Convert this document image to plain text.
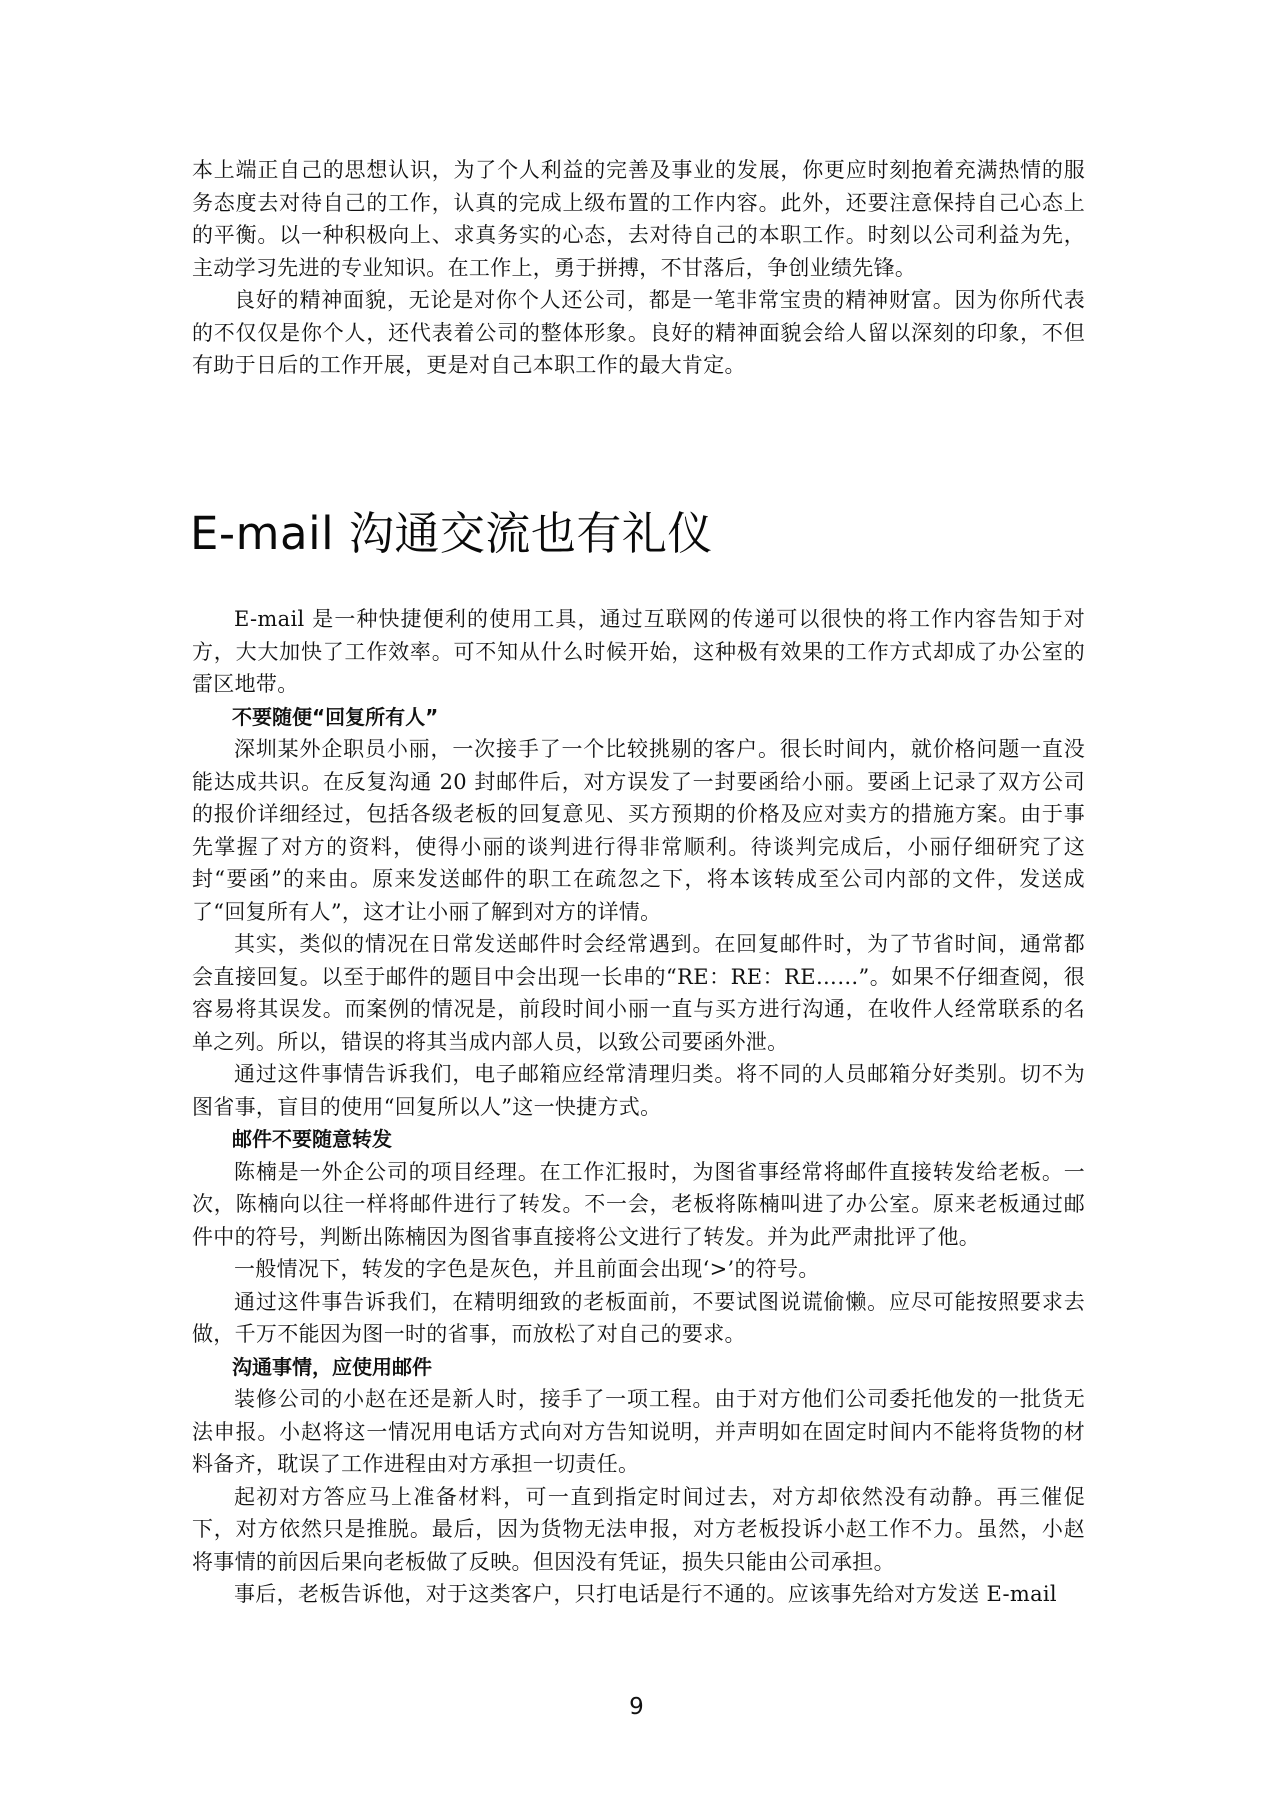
本上端正自己的思想认识，为了个人利益的完善及事业的发展，你更应时刻抱着充满热情的服务态度去对待自己的工作，认真的完成上级布置的工作内容。此外，还要注意保持自己心态上的平衡。以一种积极向上、求真务实的心态，去对待自己的本职工作。时刻以公司利益为先，主动学习先进的专业知识。在工作上，勇于拼搏，不甘落后，争创业绩先锋。

良好的精神面貌，无论是对你个人还公司，都是一笔非常宝贵的精神财富。因为你所代表的不仅仅是你个人，还代表着公司的整体形象。良好的精神面貌会给人留以深刻的印象，不但有助于日后的工作开展，更是对自己本职工作的最大肯定。

E-mail 沟通交流也有礼仪

E-mail 是一种快捷便利的使用工具，通过互联网的传递可以很快的将工作内容告知于对方，大大加快了工作效率。可不知从什么时候开始，这种极有效果的工作方式却成了办公室的雷区地带。

不要随便“回复所有人”

深圳某外企职员小丽，一次接手了一个比较挑剔的客户。很长时间内，就价格问题一直没能达成共识。在反复沟通 20 封邮件后，对方误发了一封要函给小丽。要函上记录了双方公司的报价详细经过，包括各级老板的回复意见、买方预期的价格及应对卖方的措施方案。由于事先掌握了对方的资料，使得小丽的谈判进行得非常顺利。待谈判完成后，小丽仔细研究了这封“要函”的来由。原来发送邮件的职工在疏忽之下，将本该转成至公司内部的文件，发送成了“回复所有人”，这才让小丽了解到对方的详情。

其实，类似的情况在日常发送邮件时会经常遇到。在回复邮件时，为了节省时间，通常都会直接回复。以至于邮件的题目中会出现一长串的“RE：RE：RE……”。如果不仔细查阅，很容易将其误发。而案例的情况是，前段时间小丽一直与买方进行沟通，在收件人经常联系的名单之列。所以，错误的将其当成内部人员，以致公司要函外泄。

通过这件事情告诉我们，电子邮箱应经常清理归类。将不同的人员邮箱分好类别。切不为图省事，盲目的使用“回复所以人”这一快捷方式。

邮件不要随意转发

陈楠是一外企公司的项目经理。在工作汇报时，为图省事经常将邮件直接转发给老板。一次，陈楠向以往一样将邮件进行了转发。不一会，老板将陈楠叫进了办公室。原来老板通过邮件中的符号，判断出陈楠因为图省事直接将公文进行了转发。并为此严肃批评了他。

一般情况下，转发的字色是灰色，并且前面会出现‘>’的符号。

通过这件事告诉我们，在精明细致的老板面前，不要试图说谎偷懒。应尽可能按照要求去做，千万不能因为图一时的省事，而放松了对自己的要求。

沟通事情，应使用邮件

装修公司的小赵在还是新人时，接手了一项工程。由于对方他们公司委托他发的一批货无法申报。小赵将这一情况用电话方式向对方告知说明，并声明如在固定时间内不能将货物的材料备齐，耽误了工作进程由对方承担一切责任。

起初对方答应马上准备材料，可一直到指定时间过去，对方却依然没有动静。再三催促下，对方依然只是推脱。最后，因为货物无法申报，对方老板投诉小赵工作不力。虽然，小赵将事情的前因后果向老板做了反映。但因没有凭证，损失只能由公司承担。

事后，老板告诉他，对于这类客户，只打电话是行不通的。应该事先给对方发送 E-mail

9
